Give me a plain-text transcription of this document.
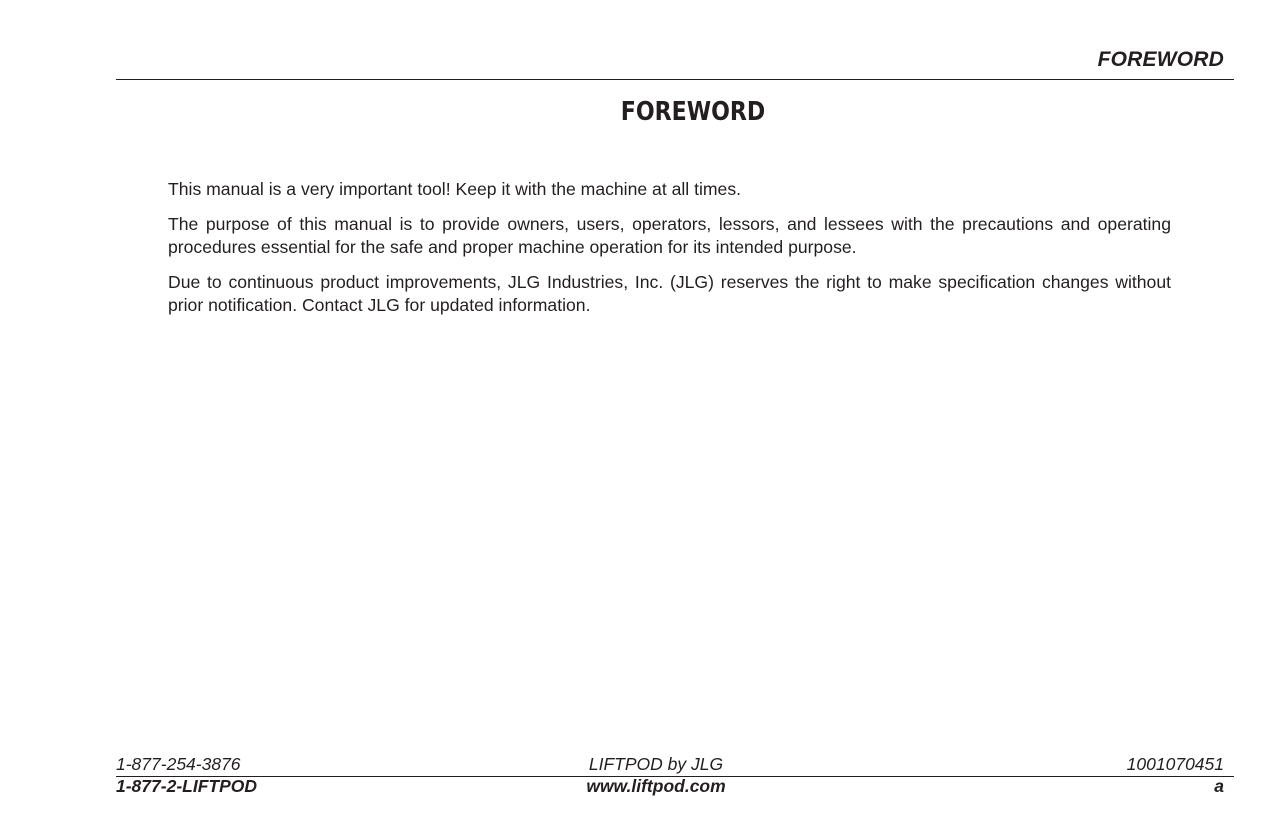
FOREWORD
FOREWORD

This manual is a very important tool! Keep it with the machine at all times.

The purpose of this manual is to provide owners, users, operators, lessors, and lessees with the precautions and operating procedures essential for the safe and proper machine operation for its intended purpose.

Due to continuous product improvements, JLG Industries, Inc. (JLG) reserves the right to make specification changes without prior notification. Contact JLG for updated information.

1-877-254-3876	LIFTPOD by JLG	1001070451
1-877-2-LIFTPOD	www.liftpod.com	a
